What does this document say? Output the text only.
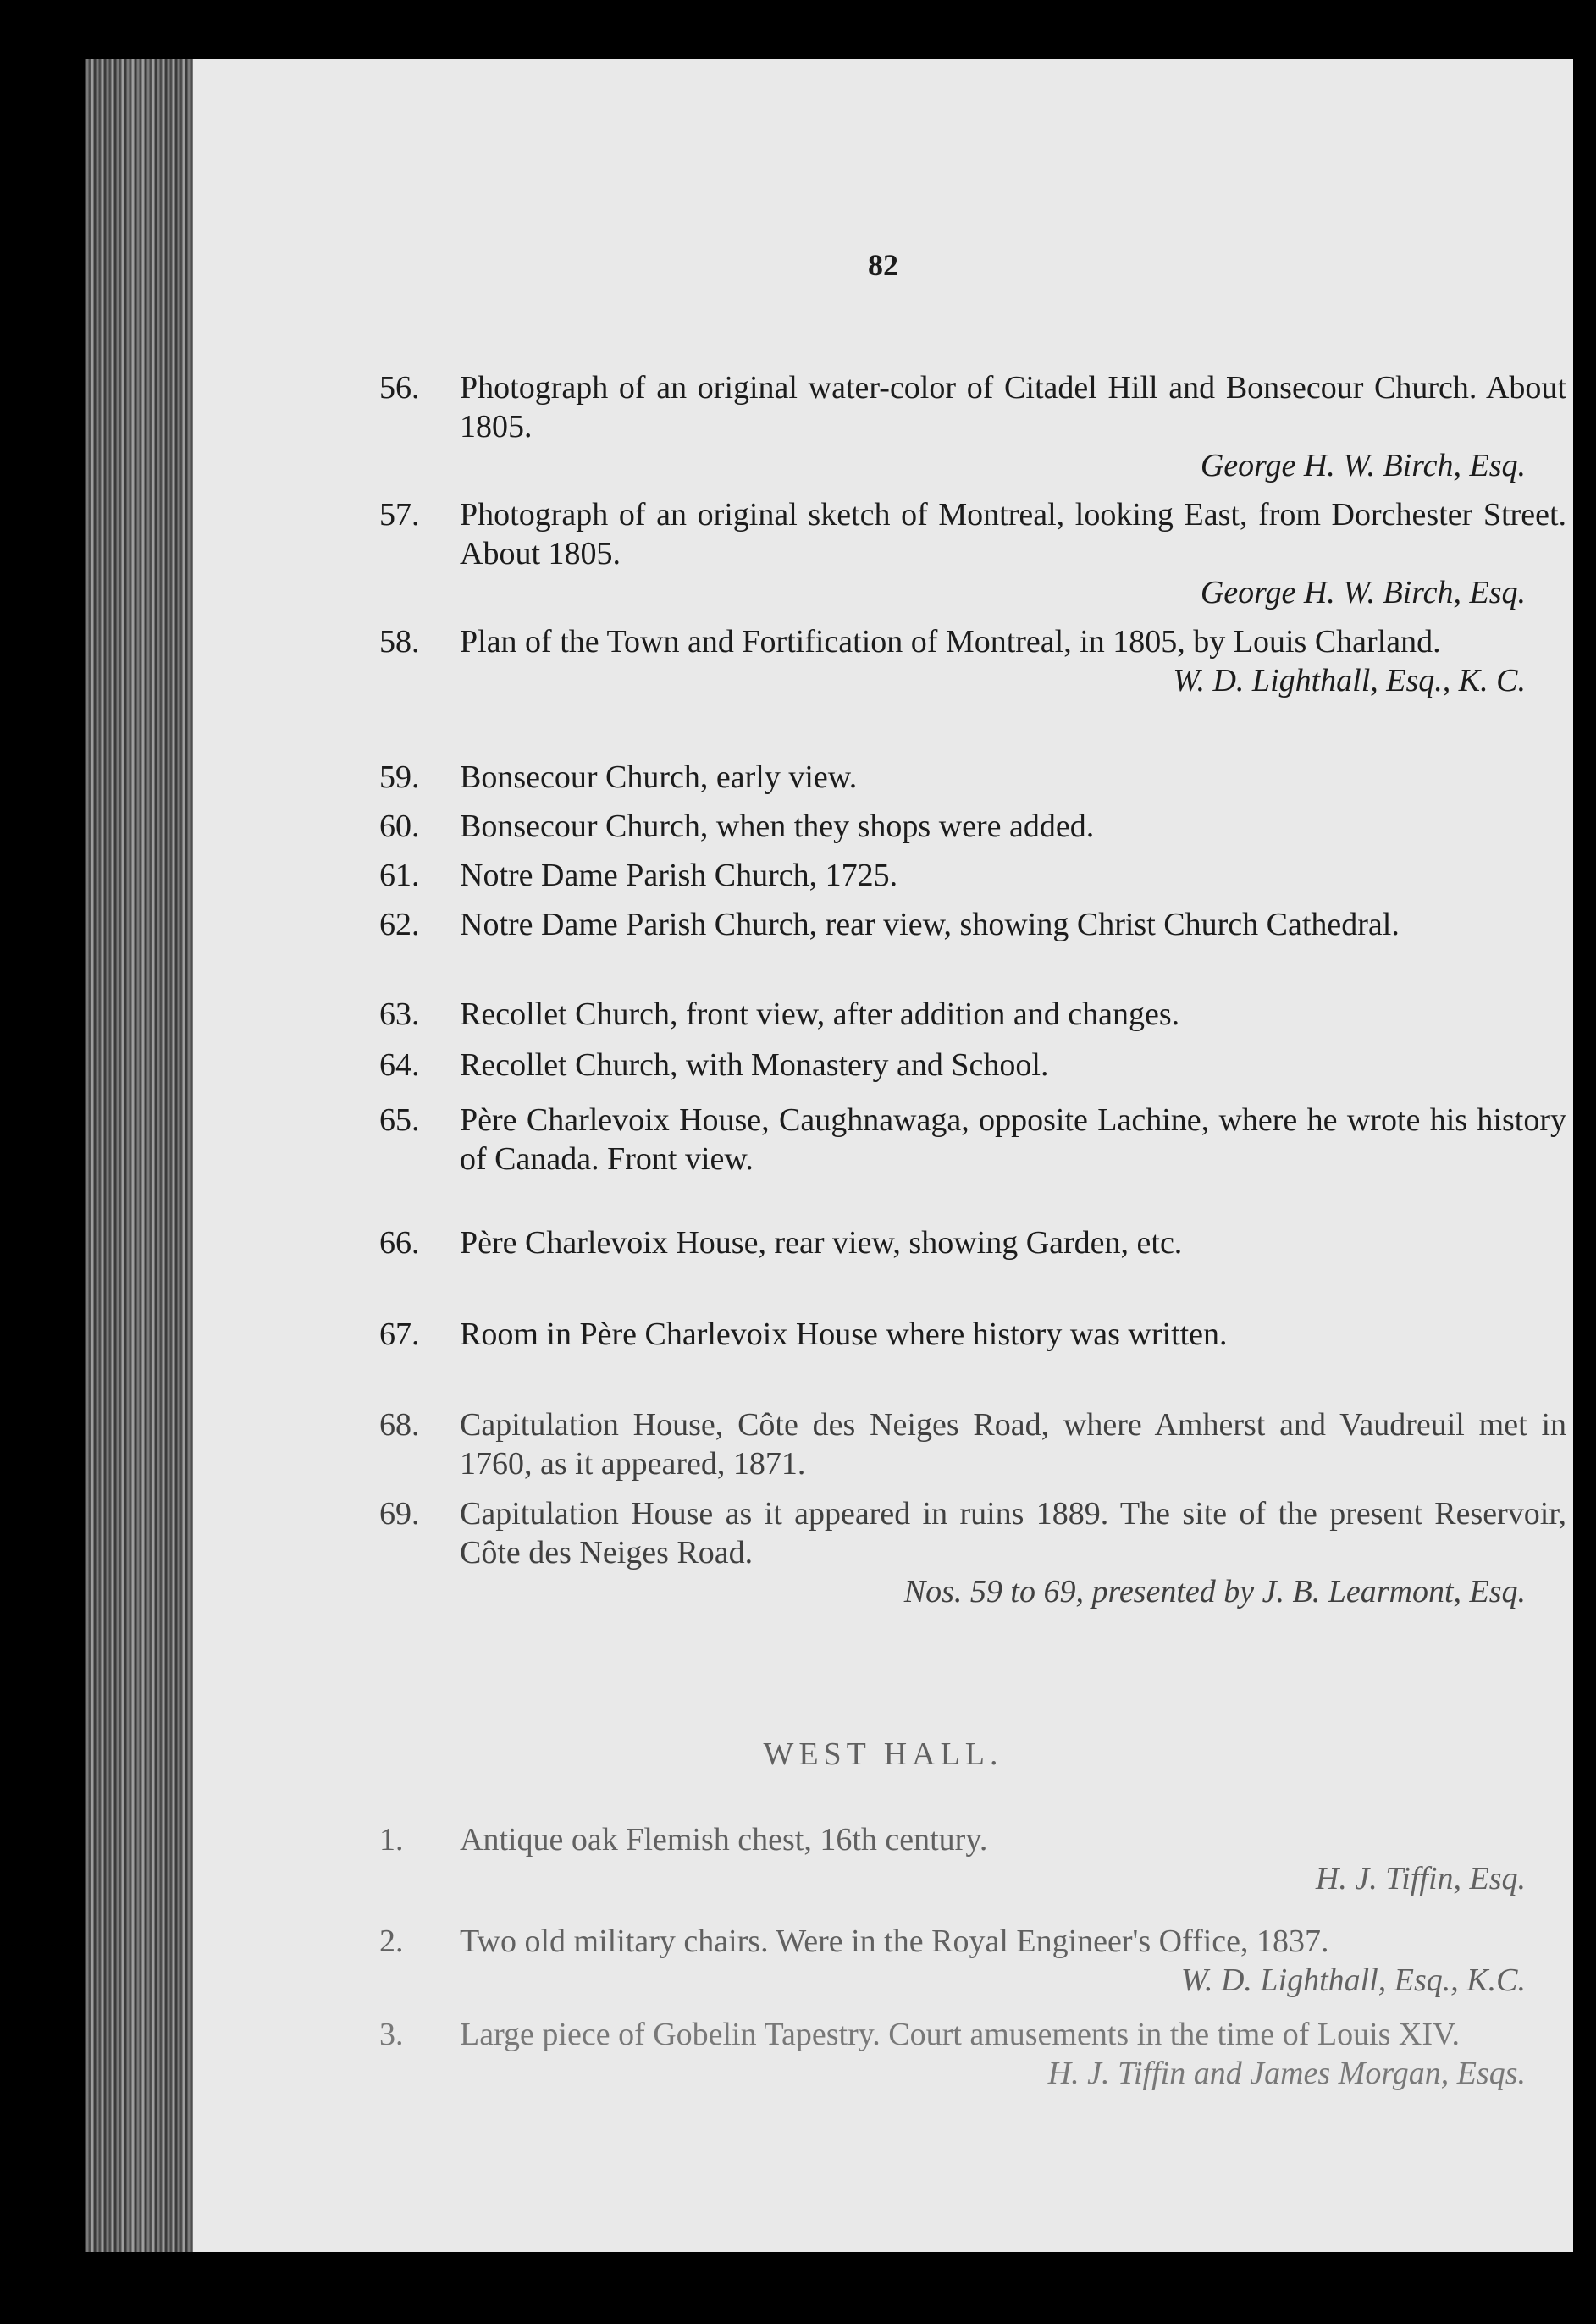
82
56. Photograph of an original water-color of Citadel Hill and Bonsecour Church. About 1805.
George H. W. Birch, Esq.
57. Photograph of an original sketch of Montreal, looking East, from Dorchester Street. About 1805.
George H. W. Birch, Esq.
58. Plan of the Town and Fortification of Montreal, in 1805, by Louis Charland.
W. D. Lighthall, Esq., K. C.
59. Bonsecour Church, early view.
60. Bonsecour Church, when they shops were added.
61. Notre Dame Parish Church, 1725.
62. Notre Dame Parish Church, rear view, showing Christ Church Cathedral.
63. Recollet Church, front view, after addition and changes.
64. Recollet Church, with Monastery and School.
65. Père Charlevoix House, Caughnawaga, opposite Lachine, where he wrote his history of Canada. Front view.
66. Père Charlevoix House, rear view, showing Garden, etc.
67. Room in Père Charlevoix House where history was written.
68. Capitulation House, Côte des Neiges Road, where Amherst and Vaudreuil met in 1760, as it appeared, 1871.
69. Capitulation House as it appeared in ruins 1889. The site of the present Reservoir, Côte des Neiges Road.
Nos. 59 to 69, presented by J. B. Learmont, Esq.
WEST HALL.
1. Antique oak Flemish chest, 16th century.
H. J. Tiffin, Esq.
2. Two old military chairs. Were in the Royal Engineer's Office, 1837.
W. D. Lighthall, Esq., K.C.
3. Large piece of Gobelin Tapestry. Court amusements in the time of Louis XIV.
H. J. Tiffin and James Morgan, Esqs.
